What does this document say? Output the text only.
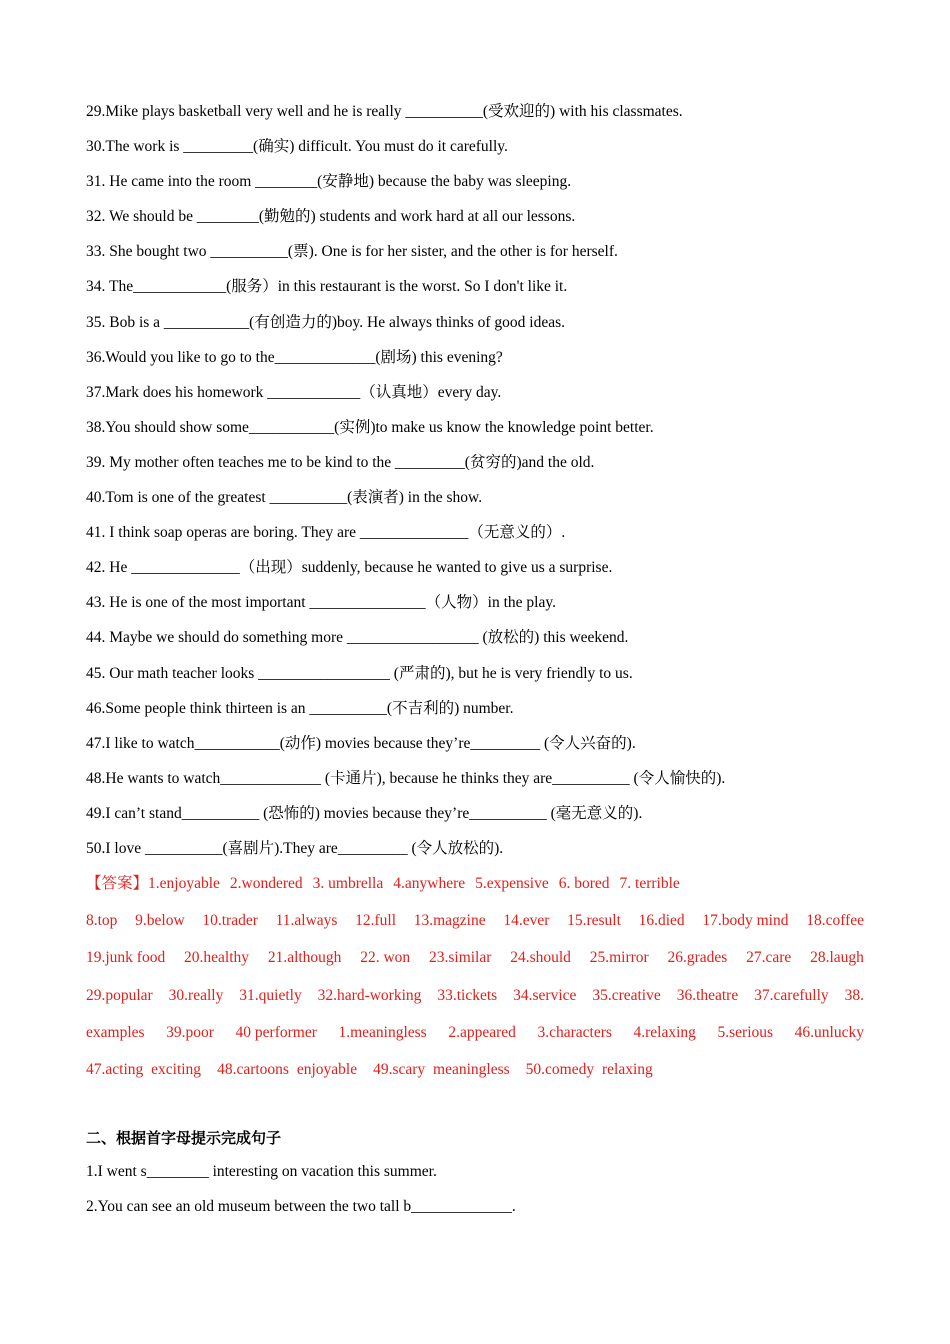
29.Mike plays basketball very well and he is really __________(受欢迎的) with his classmates.
30.The work is _________(确实) difficult. You must do it carefully.
31. He came into the room ________(安静地) because the baby was sleeping.
32. We should be ________(勤勉的) students and work hard at all our lessons.
33. She bought two __________(票). One is for her sister, and the other is for herself.
34. The____________(服务）in this restaurant is the worst. So I don't like it.
35. Bob is a ___________(有创造力的)boy. He always thinks of good ideas.
36.Would you like to go to the_____________(剧场) this evening?
37.Mark does his homework ____________（认真地）every day.
38.You should show some___________(实例)to make us know the knowledge point better.
39. My mother often teaches me to be kind to the _________(贫穷的)and the old.
40.Tom is one of the greatest __________(表演者) in the show.
41. I think soap operas are boring. They are ______________（无意义的）.
42. He ______________（出现）suddenly, because he wanted to give us a surprise.
43. He is one of the most important _______________（人物）in the play.
44. Maybe we should do something more _________________ (放松的) this weekend.
45. Our math teacher looks _________________ (严肃的), but he is very friendly to us.
46.Some people think thirteen is an __________(不吉利的) number.
47.I like to watch___________(动作) movies because they’re_________ (令人兴奋的).
48.He wants to watch_____________ (卡通片), because he thinks they are__________ (令人愉快的).
49.I can’t stand__________ (恐怖的) movies because they’re__________ (毫无意义的).
50.I love __________(喜剧片).They are_________ (令人放松的).
【答案】1.enjoyable 2.wondered 3. umbrella 4.anywhere 5.expensive 6. bored 7. terrible
8.top 9.below 10.trader 11.always 12.full 13.magzine 14.ever 15.result 16.died 17.body mind 18.coffee
19.junk food 20.healthy 21.although 22. won 23.similar 24.should 25.mirror 26.grades 27.care 28.laugh
29.popular 30.really 31.quietly 32.hard-working 33.tickets 34.service 35.creative 36.theatre 37.carefully 38.
examples 39.poor 40 performer 1.meaningless 2.appeared 3.characters 4.relaxing 5.serious 46.unlucky
47.acting exciting 48.cartoons enjoyable 49.scary meaningless 50.comedy relaxing
二、根据首字母提示完成句子
1.I went s________ interesting on vacation this summer.
2.You can see an old museum between the two tall b_____________.
